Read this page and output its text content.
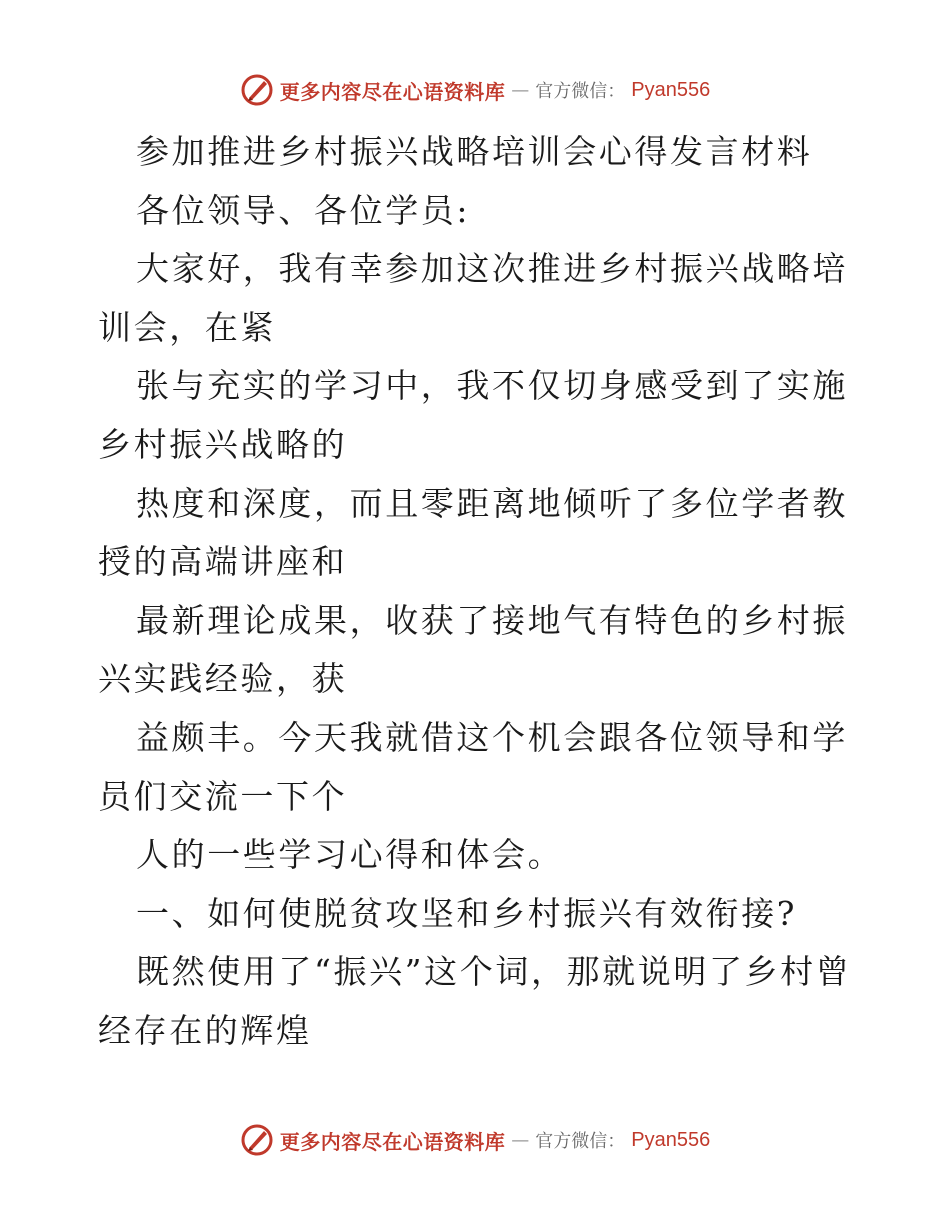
更多内容尽在心语资料库 — 官方微信： Pyan556

参加推进乡村振兴战略培训会心得发言材料

各位领导、各位学员:

大家好，我有幸参加这次推进乡村振兴战略培训会，在紧

张与充实的学习中，我不仅切身感受到了实施乡村振兴战略的

热度和深度，而且零距离地倾听了多位学者教授的高端讲座和

最新理论成果，收获了接地气有特色的乡村振兴实践经验，获

益颇丰。今天我就借这个机会跟各位领导和学员们交流一下个

人的一些学习心得和体会。

一、如何使脱贫攻坚和乡村振兴有效衔接?

既然使用了“振兴”这个词，那就说明了乡村曾经存在的辉煌

更多内容尽在心语资料库 — 官方微信： Pyan556
